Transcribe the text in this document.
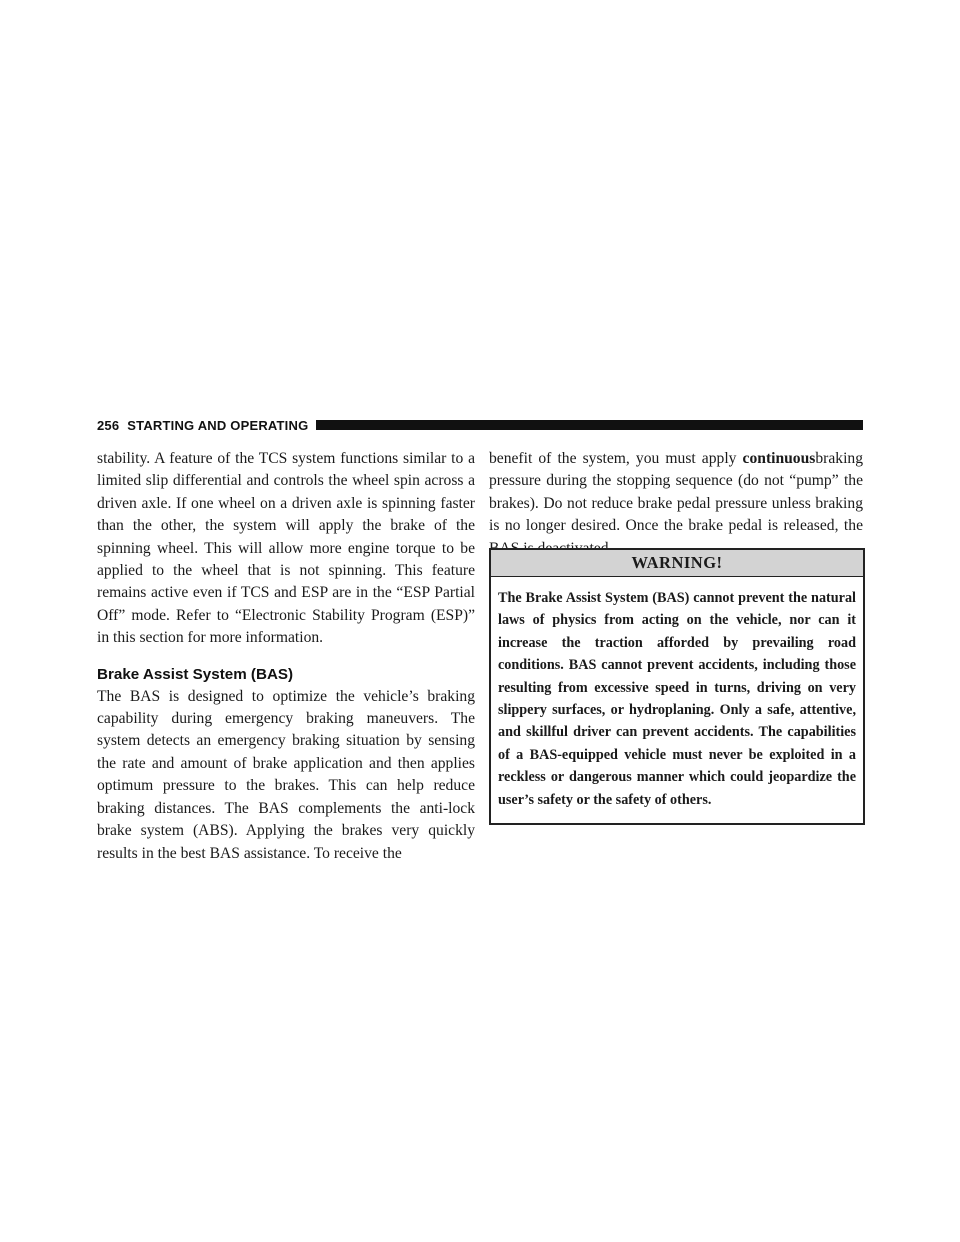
256 STARTING AND OPERATING

stability. A feature of the TCS system functions similar to a limited slip differential and controls the wheel spin across a driven axle. If one wheel on a driven axle is spinning faster than the other, the system will apply the brake of the spinning wheel. This will allow more engine torque to be applied to the wheel that is not spinning. This feature remains active even if TCS and ESP are in the “ESP Partial Off” mode. Refer to “Electronic Stability Program (ESP)” in this section for more information.

Brake Assist System (BAS)

The BAS is designed to optimize the vehicle’s braking capability during emergency braking maneuvers. The system detects an emergency braking situation by sensing the rate and amount of brake application and then applies optimum pressure to the brakes. This can help reduce braking distances. The BAS complements the anti-lock brake system (ABS). Applying the brakes very quickly results in the best BAS assistance. To receive the

benefit of the system, you must apply continuousbraking pressure during the stopping sequence (do not “pump” the brakes). Do not reduce brake pedal pressure unless braking is no longer desired. Once the brake pedal is released, the

WARNING!
The Brake Assist System (BAS) cannot prevent the natural laws of physics from acting on the vehicle, nor can it increase the traction afforded by prevailing road conditions. BAS cannot prevent accidents, including those resulting from excessive speed in turns, driving on very slippery surfaces, or hydroplaning. Only a safe, attentive, and skillful driver can prevent accidents. The capabilities of a BAS-equipped vehicle must never be exploited in a reckless or dangerous manner which could jeopardize the user’s safety or the safety of others.
